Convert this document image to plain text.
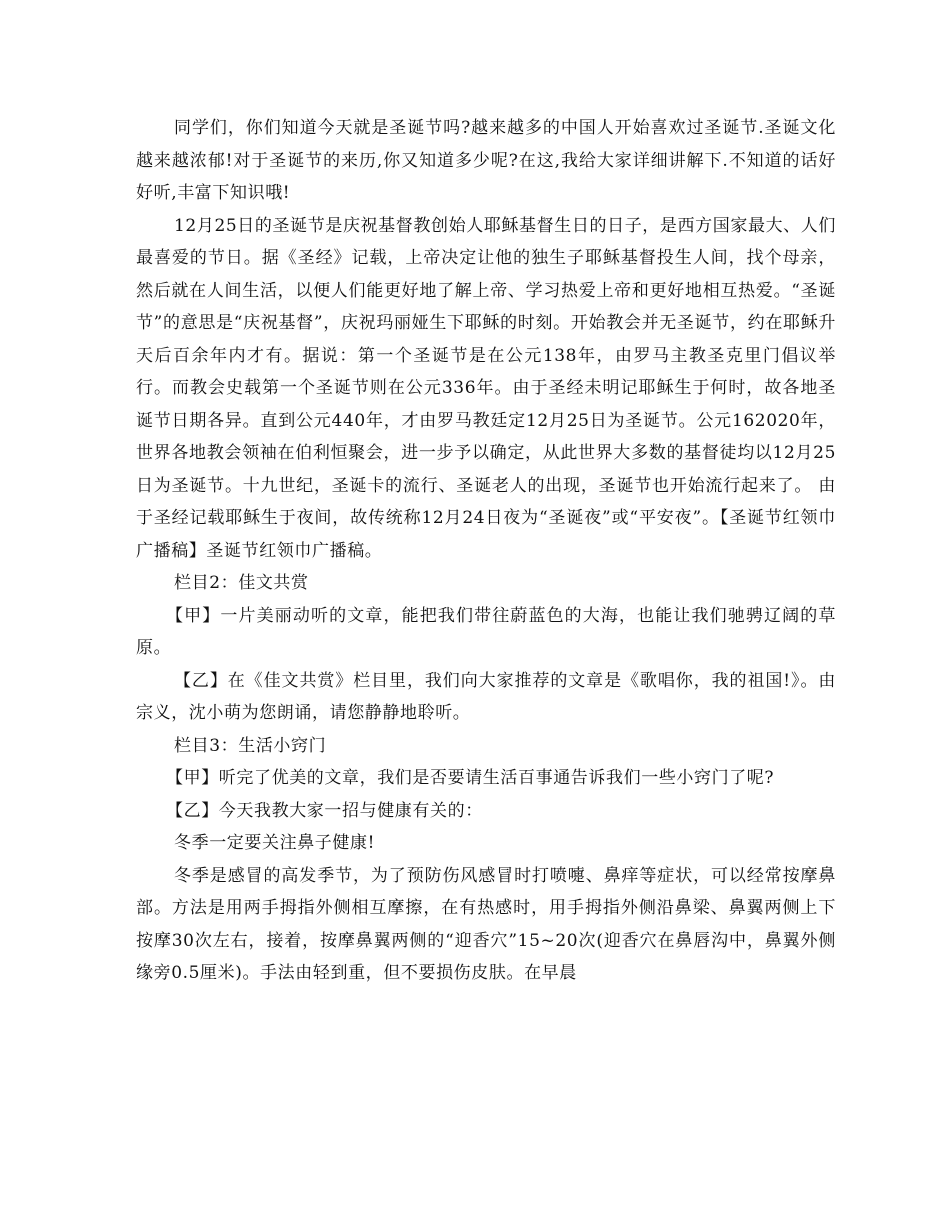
同学们，你们知道今天就是圣诞节吗?越来越多的中国人开始喜欢过圣诞节.圣诞文化越来越浓郁!对于圣诞节的来历,你又知道多少呢?在这,我给大家详细讲解下.不知道的话好好听,丰富下知识哦!

12月25日的圣诞节是庆祝基督教创始人耶稣基督生日的日子，是西方国家最大、人们最喜爱的节日。据《圣经》记载，上帝决定让他的独生子耶稣基督投生人间，找个母亲，然后就在人间生活，以便人们能更好地了解上帝、学习热爱上帝和更好地相互热爱。“圣诞节”的意思是“庆祝基督”，庆祝玛丽娅生下耶稣的时刻。开始教会并无圣诞节，约在耶稣升天后百余年内才有。据说：第一个圣诞节是在公元138年，由罗马主教圣克里门倡议举行。而教会史载第一个圣诞节则在公元336年。由于圣经未明记耶稣生于何时，故各地圣诞节日期各异。直到公元440年，才由罗马教廷定12月25日为圣诞节。公元162020年，世界各地教会领袖在伯利恒聚会，进一步予以确定，从此世界大多数的基督徒均以12月25日为圣诞节。十九世纪，圣诞卡的流行、圣诞老人的出现，圣诞节也开始流行起来了。 由于圣经记载耶稣生于夜间，故传统称12月24日夜为“圣诞夜”或“平安夜”。【圣诞节红领巾广播稿】圣诞节红领巾广播稿。

栏目2：佳文共赏

【甲】一片美丽动听的文章，能把我们带往蔚蓝色的大海，也能让我们驰骋辽阔的草原。

【乙】在《佳文共赏》栏目里，我们向大家推荐的文章是《歌唱你，我的祖国!》。由宗义，沈小萌为您朗诵，请您静静地聆听。

栏目3：生活小窍门

【甲】听完了优美的文章，我们是否要请生活百事通告诉我们一些小窍门了呢?

【乙】今天我教大家一招与健康有关的：

冬季一定要关注鼻子健康!

冬季是感冒的高发季节，为了预防伤风感冒时打喷嚏、鼻痒等症状，可以经常按摩鼻部。方法是用两手拇指外侧相互摩擦，在有热感时，用手拇指外侧沿鼻梁、鼻翼两侧上下按摩30次左右，接着，按摩鼻翼两侧的“迎香穴”15~20次(迎香穴在鼻唇沟中，鼻翼外侧缘旁0.5厘米)。手法由轻到重，但不要损伤皮肤。在早晨
